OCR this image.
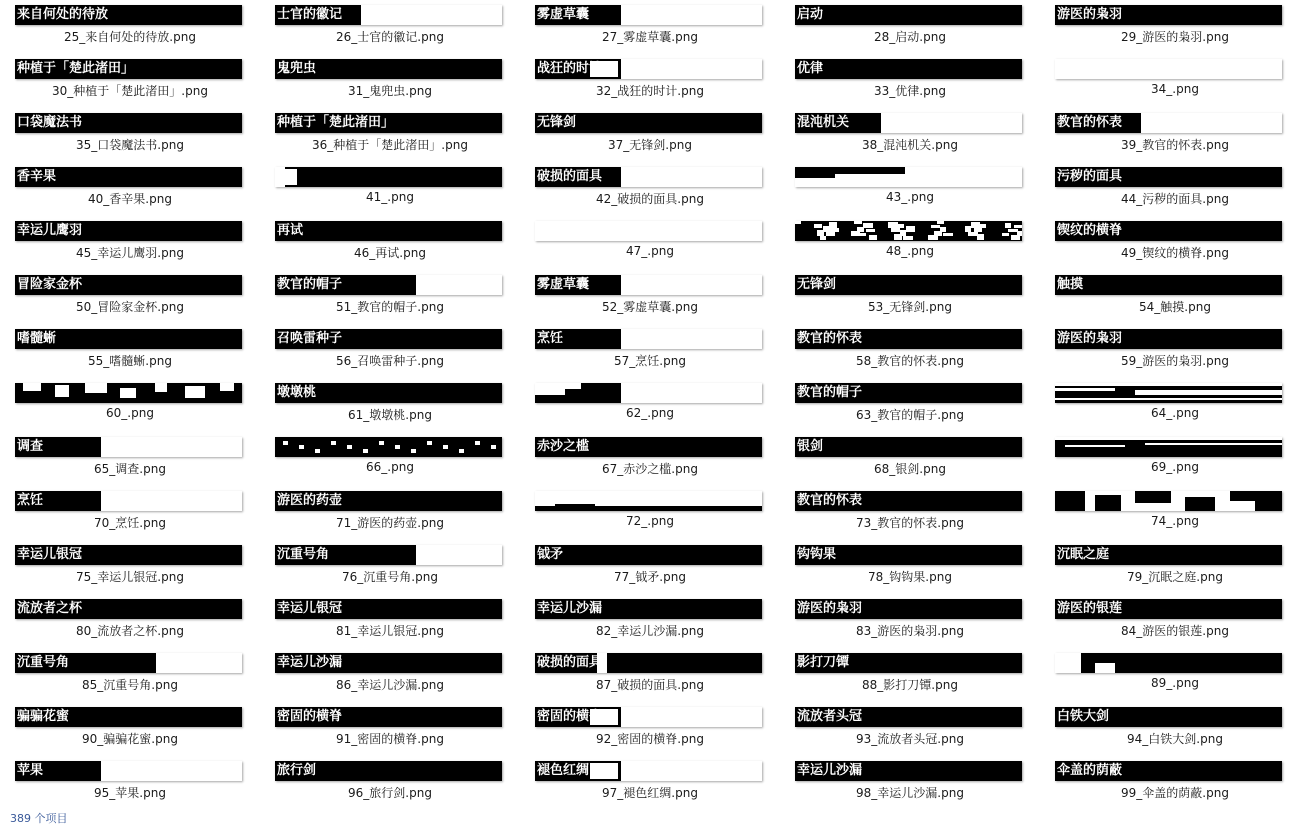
来自何处的待放
25_来自何处的待放.png
士官的徽记
26_士官的徽记.png
雾虚草囊
27_雾虚草囊.png
启动
28_启动.png
游医的枭羽
29_游医的枭羽.png
种植于「楚此渚田」
30_种植于「楚此渚田」.png
鬼兜虫
31_鬼兜虫.png
战狂的时计
32_战狂的时计.png
优律
33_优律.png	34_.png
口袋魔法书
35_口袋魔法书.png
种植于「楚此渚田」
36_种植于「楚此渚田」.png
无锋剑
37_无锋剑.png
混沌机关
38_混沌机关.png
教官的怀表
39_教官的怀表.png
香辛果
40_香辛果.png	41_.png
破损的面具
42_破损的面具.png	43_.png
污秽的面具
44_污秽的面具.png
幸运儿鹰羽
45_幸运儿鹰羽.png
再试
46_再试.png	47_.png	48_.png
锲纹的横脊
49_锲纹的横脊.png
冒险家金杯
50_冒险家金杯.png
教官的帽子
51_教官的帽子.png
雾虚草囊
52_雾虚草囊.png
无锋剑
53_无锋剑.png
触摸
54_触摸.png
嗜髓蜥
55_嗜髓蜥.png
召唤雷种子
56_召唤雷种子.png
烹饪
57_烹饪.png
教官的怀表
58_教官的怀表.png
游医的枭羽
59_游医的枭羽.png
60_.png
墩墩桃
61_墩墩桃.png	62_.png
教官的帽子
63_教官的帽子.png	64_.png
调查
65_调查.png	66_.png
赤沙之槛
67_赤沙之槛.png
银剑
68_银剑.png	69_.png
烹饪
70_烹饪.png
游医的药壶
71_游医的药壶.png	72_.png
教官的怀表
73_教官的怀表.png	74_.png
幸运儿银冠
75_幸运儿银冠.png
沉重号角
76_沉重号角.png
钺矛
77_钺矛.png
钩钩果
78_钩钩果.png
沉眠之庭
79_沉眠之庭.png
流放者之杯
80_流放者之杯.png
幸运儿银冠
81_幸运儿银冠.png
幸运儿沙漏
82_幸运儿沙漏.png
游医的枭羽
83_游医的枭羽.png
游医的银莲
84_游医的银莲.png
沉重号角
85_沉重号角.png
幸运儿沙漏
86_幸运儿沙漏.png
破损的面具
87_破损的面具.png
影打刀镡
88_影打刀镡.png	89_.png
骗骗花蜜
90_骗骗花蜜.png
密固的横脊
91_密固的横脊.png
密固的横脊
92_密固的横脊.png
流放者头冠
93_流放者头冠.png
白铁大剑
94_白铁大剑.png
苹果
95_苹果.png
旅行剑
96_旅行剑.png
褪色红绸
97_褪色红绸.png
幸运儿沙漏
98_幸运儿沙漏.png
伞盖的荫蔽
99_伞盖的荫蔽.png
389 个项目
